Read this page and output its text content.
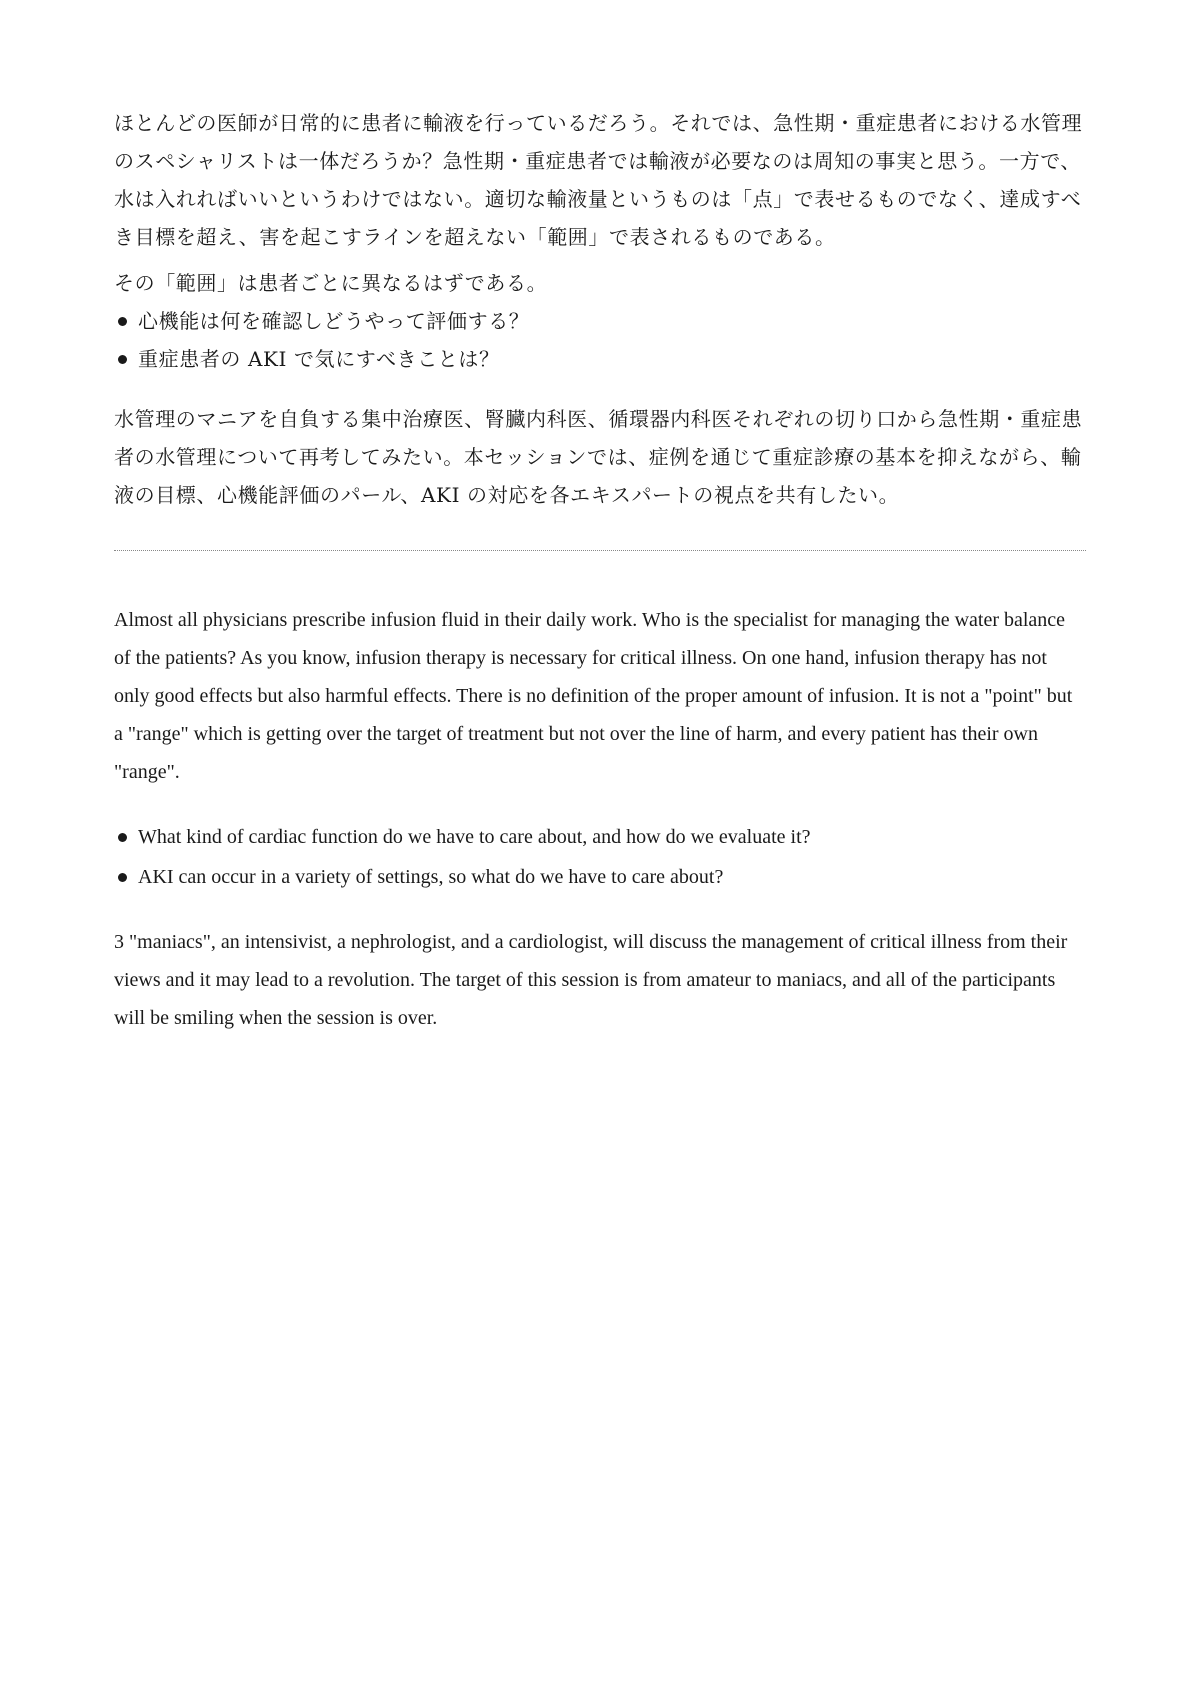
ほとんどの医師が日常的に患者に輸液を行っているだろう。それでは、急性期・重症患者における水管理のスペシャリストは一体だろうか？急性期・重症患者では輸液が必要なのは周知の事実と思う。一方で、水は入れればいいというわけではない。適切な輸液量というものは「点」で表せるものでなく、達成すべき目標を超え、害を起こすラインを超えない「範囲」で表されるものである。

その「範囲」は患者ごとに異なるはずである。

心機能は何を確認しどうやって評価する？
重症患者の AKI で気にすべきことは？

水管理のマニアを自負する集中治療医、腎臓内科医、循環器内科医それぞれの切り口から急性期・重症患者の水管理について再考してみたい。本セッションでは、症例を通じて重症診療の基本を抑えながら、輸液の目標、心機能評価のパール、AKI の対応を各エキスパートの視点を共有したい。

Almost all physicians prescribe infusion fluid in their daily work. Who is the specialist for managing the water balance of the patients? As you know, infusion therapy is necessary for critical illness. On one hand, infusion therapy has not only good effects but also harmful effects. There is no definition of the proper amount of infusion. It is not a "point" but a "range" which is getting over the target of treatment but not over the line of harm, and every patient has their own "range".

What kind of cardiac function do we have to care about, and how do we evaluate it?
AKI can occur in a variety of settings, so what do we have to care about?

3 "maniacs", an intensivist, a nephrologist, and a cardiologist, will discuss the management of critical illness from their views and it may lead to a revolution. The target of this session is from amateur to maniacs, and all of the participants will be smiling when the session is over.
